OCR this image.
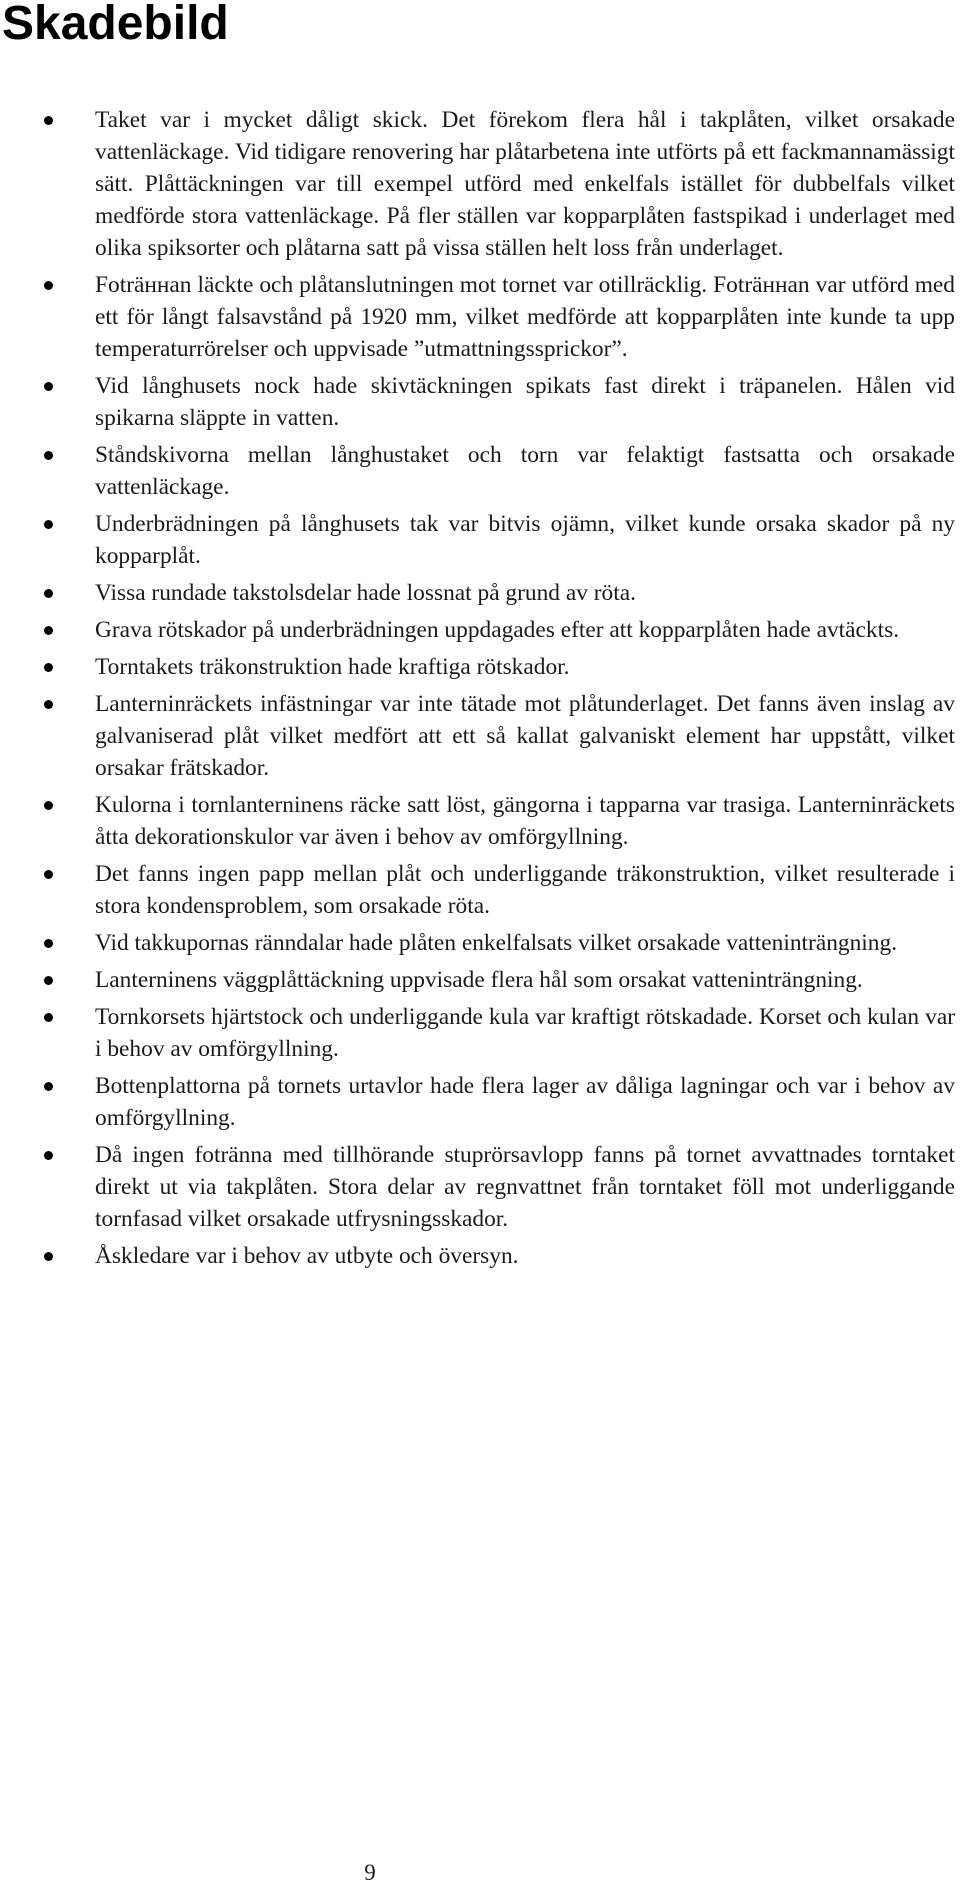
Skadebild
Taket var i mycket dåligt skick. Det förekom flera hål i takplåten, vilket orsakade vattenläckage. Vid tidigare renovering har plåtarbetena inte utförts på ett fackmannamässigt sätt. Plåttäckningen var till exempel utförd med enkelfals istället för dubbelfals vilket medförde stora vattenläckage. På fler ställen var kopparplåten fastspikad i underlaget med olika spiksorter och plåtarna satt på vissa ställen helt loss från underlaget.
Foträннan läckte och plåtanslutningen mot tornet var otillräcklig. Foträннan var utförd med ett för långt falsavstånd på 1920 mm, vilket medförde att kopparplåten inte kunde ta upp temperaturrörelser och uppvisade ”utmattningssprickor”.
Vid långhusets nock hade skivtäckningen spikats fast direkt i träpanelen. Hålen vid spikarna släppte in vatten.
Ståndskivorna mellan långhustaket och torn var felaktigt fastsatta och orsakade vattenläckage.
Underbrädningen på långhusets tak var bitvis ojämn, vilket kunde orsaka skador på ny kopparplåt.
Vissa rundade takstolsdelar hade lossnat på grund av röta.
Grava rötskador på underbrädningen uppdagades efter att kopparplåten hade avtäckts.
Torntakets träkonstruktion hade kraftiga rötskador.
Lanterninräckets infästningar var inte tätade mot plåtunderlaget. Det fanns även inslag av galvaniserad plåt vilket medfört att ett så kallat galvaniskt element har uppstått, vilket orsakar frätskador.
Kulorna i tornlanterninens räcke satt löst, gängorna i tapparna var trasiga. Lanterninräckets åtta dekorationskulor var även i behov av omförgyllning.
Det fanns ingen papp mellan plåt och underliggande träkonstruktion, vilket resulterade i stora kondensproblem, som orsakade röta.
Vid takkupornas ränndalar hade plåten enkelfalsats vilket orsakade vatteninträngning.
Lanterninens väggplåttäckning uppvisade flera hål som orsakat vatteninträngning.
Tornkorsets hjärtstock och underliggande kula var kraftigt rötskadade. Korset och kulan var i behov av omförgyllning.
Bottenplattorna på tornets urtavlor hade flera lager av dåliga lagningar och var i behov av omförgyllning.
Då ingen fotränna med tillhörande stuprörsavlopp fanns på tornet avvattnades torntaket direkt ut via takplåten. Stora delar av regnvattnet från torntaket föll mot underliggande tornfasad vilket orsakade utfrysningsskador.
Åskledare var i behov av utbyte och översyn.
9
